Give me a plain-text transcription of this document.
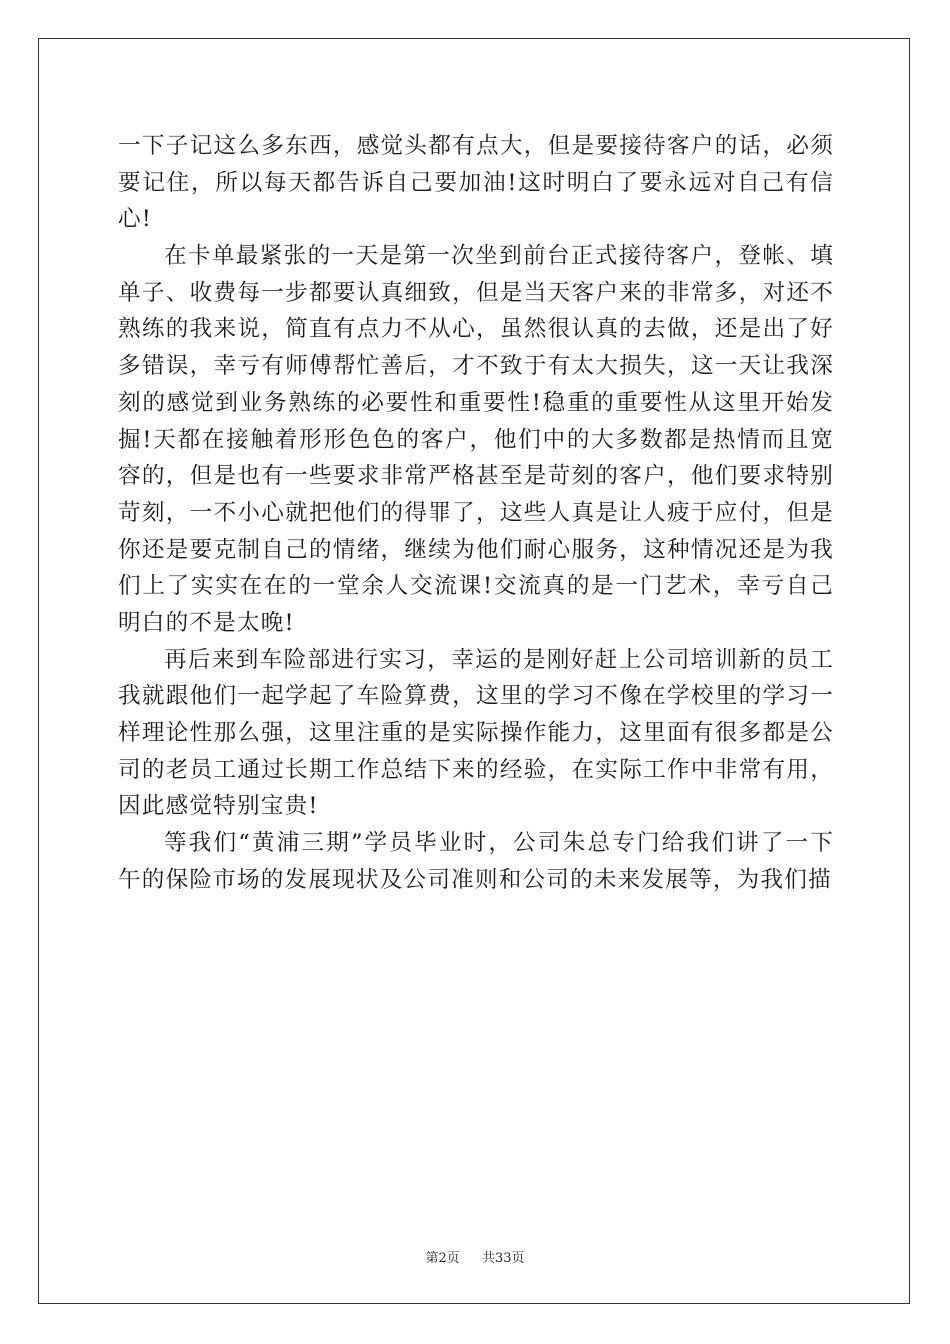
一下子记这么多东西，感觉头都有点大，但是要接待客户的话，必须
要记住，所以每天都告诉自己要加油!这时明白了要永远对自己有信
心!
在卡单最紧张的一天是第一次坐到前台正式接待客户，登帐、填
单子、收费每一步都要认真细致，但是当天客户来的非常多，对还不
熟练的我来说，简直有点力不从心，虽然很认真的去做，还是出了好
多错误，幸亏有师傅帮忙善后，才不致于有太大损失，这一天让我深
刻的感觉到业务熟练的必要性和重要性!稳重的重要性从这里开始发
掘!天都在接触着形形色色的客户，他们中的大多数都是热情而且宽
容的，但是也有一些要求非常严格甚至是苛刻的客户，他们要求特别
苛刻，一不小心就把他们的得罪了，这些人真是让人疲于应付，但是
你还是要克制自己的情绪，继续为他们耐心服务，这种情况还是为我
们上了实实在在的一堂余人交流课!交流真的是一门艺术，幸亏自己
明白的不是太晚!
再后来到车险部进行实习，幸运的是刚好赶上公司培训新的员工
我就跟他们一起学起了车险算费，这里的学习不像在学校里的学习一
样理论性那么强，这里注重的是实际操作能力，这里面有很多都是公
司的老员工通过长期工作总结下来的经验，在实际工作中非常有用，
因此感觉特别宝贵!
等我们“黄浦三期”学员毕业时，公司朱总专门给我们讲了一下
午的保险市场的发展现状及公司准则和公司的未来发展等，为我们描
第2页 共33页
